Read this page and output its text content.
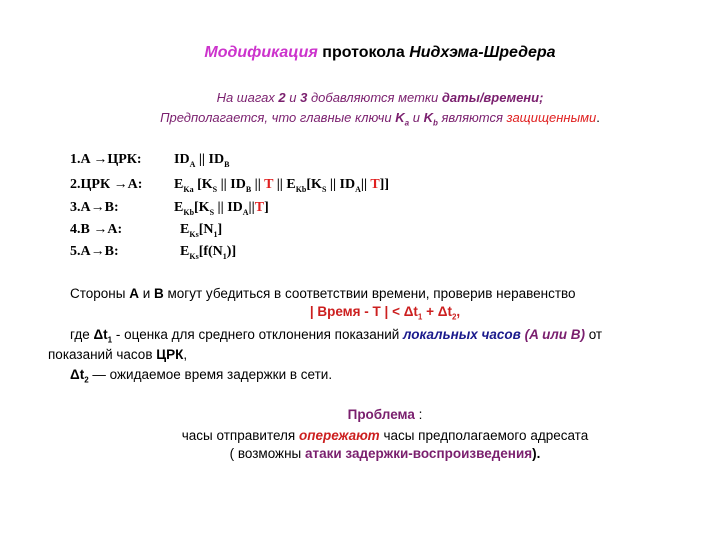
Модификация протокола Нидхэма-Шредера
На шагах 2 и 3 добавляются метки даты/времени;
Предполагается, что главные ключи $K_a$ и $K_b$ являются защищенными.
1.A →ЦРК: $ID_A$ || $ID_B$
2.ЦРК →A: $E_{Ka}$ [$K_S$ || $ID_B$ || T || $E_{Kb}[K_S$ || $ID_A||$ T]]
3.A→B:	$E_{Kb}[K_S$ || $ID_A||T$]
4.B →A:	$E_{Ks}[N_1]$
5.A→B:	$E_{Ks}[f(N_1)]$
Стороны A и B могут убедиться в соответствии времени, проверив неравенство
| Время - T | < $\Delta t_1 + \Delta t_2$,
где $\Delta t_1$ - оценка для среднего отклонения показаний локальных часов (A или B) от
показаний часов ЦРК,
$\Delta t_2$ — ожидаемое время задержки в сети.
Проблема :
часы отправителя опережают часы предполагаемого адресата
( возможны атаки задержки-воспроизведения).
